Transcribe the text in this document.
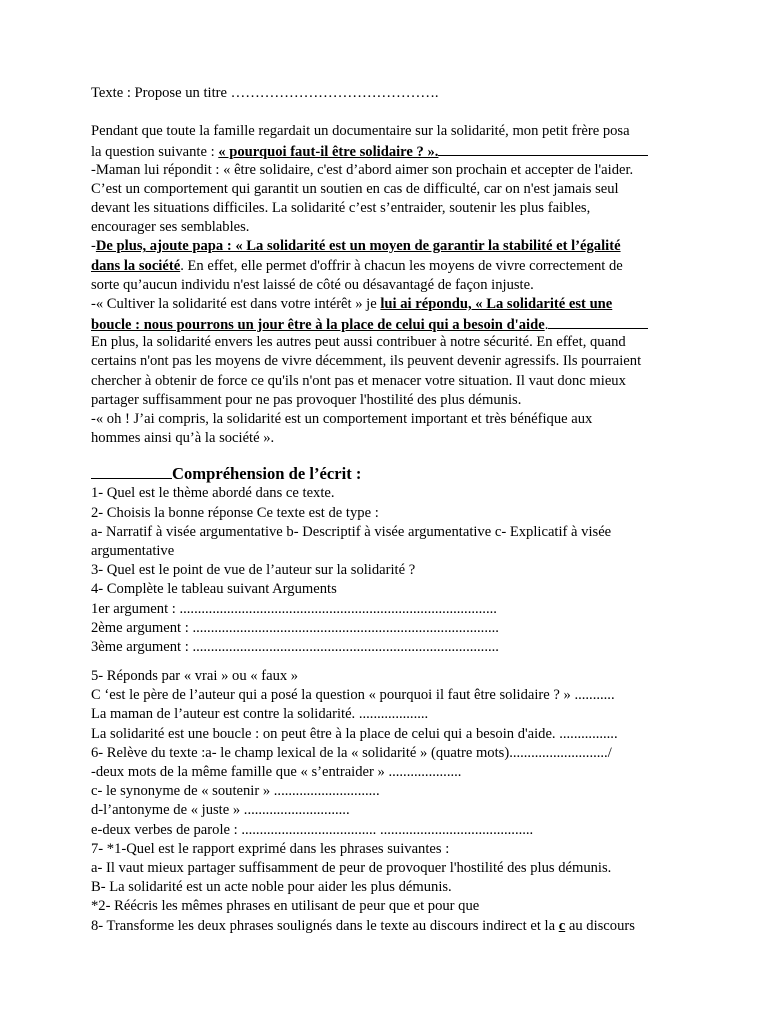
Texte : Propose un titre …………………………………….
Pendant que toute la famille regardait un documentaire sur la solidarité, mon petit frère posa
la question suivante : « pourquoi faut-il être solidaire ? ».
-Maman lui répondit : « être solidaire, c'est d’abord aimer son prochain et accepter de l'aider.
C’est un comportement qui garantit un soutien en cas de difficulté, car on n'est jamais seul
devant les situations difficiles. La solidarité c’est s’entraider, soutenir les plus faibles,
encourager ses semblables.
-De plus, ajoute papa : « La solidarité est un moyen de garantir la stabilité et l’égalité
dans la société. En effet, elle permet d'offrir à chacun les moyens de vivre correctement de
sorte qu’aucun individu n'est laissé de côté ou désavantagé de façon injuste.
-« Cultiver la solidarité est dans votre intérêt » je lui ai répondu, « La solidarité est une
boucle : nous pourrons un jour être à la place de celui qui a besoin d'aide.
En plus, la solidarité envers les autres peut aussi contribuer à notre sécurité. En effet, quand
certains n'ont pas les moyens de vivre décemment, ils peuvent devenir agressifs. Ils pourraient
chercher à obtenir de force ce qu'ils n'ont pas et menacer votre situation. Il vaut donc mieux
partager suffisamment pour ne pas provoquer l'hostilité des plus démunis.
-« oh ! J’ai compris, la solidarité est un comportement important et très bénéfique aux
hommes ainsi qu’à la société ».
Compréhension de l’écrit :
1- Quel est le thème abordé dans ce texte.
2- Choisis la bonne réponse Ce texte est de type :
a- Narratif à visée argumentative b- Descriptif à visée argumentative c- Explicatif à visée
argumentative
3- Quel est le point de vue de l’auteur sur la solidarité ?
4- Complète le tableau suivant Arguments
1er argument : .......................................................................................
2ème argument : ....................................................................................
3ème argument : ....................................................................................
5- Réponds par « vrai » ou « faux »
C ‘est le père de l’auteur qui a posé la question « pourquoi il faut être solidaire ? » ...........
La maman de l’auteur est contre la solidarité. ...................
La solidarité est une boucle : on peut être à la place de celui qui a besoin d'aide. ................
6- Relève du texte :a- le champ lexical de la « solidarité » (quatre mots).........................../
-deux mots de la même famille que « s’entraider » ....................
c- le synonyme de « soutenir » .............................
d-l’antonyme de « juste » .............................
e-deux verbes de parole : ..................................... ..........................................
7- *1-Quel est le rapport exprimé dans les phrases suivantes :
a- Il vaut mieux partager suffisamment de peur de provoquer l'hostilité des plus démunis.
B- La solidarité est un acte noble pour aider les plus démunis.
*2- Réécris les mêmes phrases en utilisant de peur que et pour que
8- Transforme les deux phrases soulignés dans le texte au discours indirect et la c au discours
